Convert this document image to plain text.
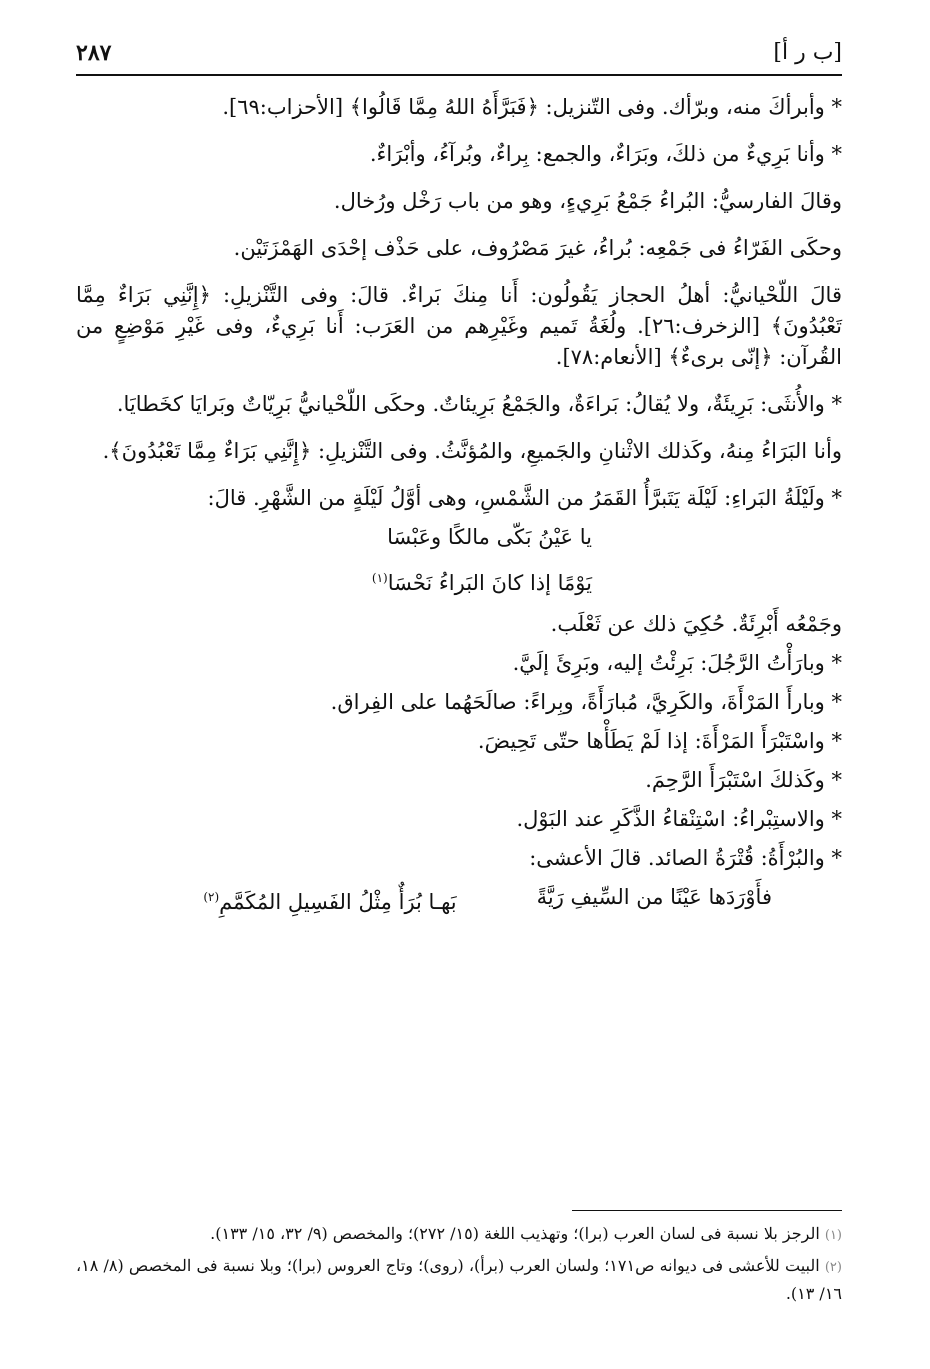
٢٨٧	[ب ر أ]

* وأبرأكَ منه، وبرّأك. وفى التّنزيل: ﴿فَبَرَّأَهُ اللهُ مِمَّا قَالُوا﴾ [الأحزاب:٦٩].

* وأنا بَرِيءٌ من ذلكَ، وبَرَاءٌ، والجمع: بِراءٌ، وبُرآءُ، وأبْرَاءٌ.

وقالَ الفارسيُّ: البُراءُ جَمْعُ بَرِيءٍ، وهو من باب رَخْل ورُخال.

وحكَى الفَرّاءُ فى جَمْعِه: بُراءُ، غيرَ مَصْرُوف، على حَذْف إحْدَى الهَمْزَتَيْن.

قالَ اللّحْيانيُّ: أهلُ الحجاز يَقُولُون: أَنا مِنكَ بَراءٌ. قالَ: وفى التَّنْزيلِ: ﴿إِنَّنِي بَرَاءٌ مِمَّا تَعْبُدُونَ﴾ [الزخرف:٢٦]. ولُغَةُ تَميم وغَيْرِهم من العَرَب: أَنا بَرِيءٌ، وفى غَيْرِ مَوْضِعٍ من القُرآن: ﴿إنّى برىءٌ﴾ [الأنعام:٧٨].

* والأُنثَى: بَرِيئَةٌ، ولا يُقالُ: بَراءَةٌ، والجَمْعُ بَرِيئاتٌ. وحكَى اللّحْيانيُّ بَرِيّاتٌ وبَرايَا كخَطايَا.

وأنا البَرَاءُ مِنهُ، وكَذلك الاثْنانِ والجَميعِ، والمُؤنَّثُ. وفى التَّنْزيلِ: ﴿إِنَّنِي بَرَاءٌ مِمَّا تَعْبُدُونَ﴾.

* ولَيْلَةُ البَراءِ: لَيْلَة يَتَبرَّأُ القَمَرُ من الشَّمْسِ، وهى أوَّلُ لَيْلَةٍ من الشَّهْرِ. قالَ:

يا عَيْنُ بَكّى مالكًا وعَبْسَا
يَوْمًا إذا كانَ البَراءُ نَحْسَا$^{(١)}$

وجَمْعُه أَبْرِئَةٌ. حُكِيَ ذلك عن ثَعْلَب.

* وبارَأْتُ الرَّجُلَ: بَرِئْتُ إليه، وبَرِئَ إلَيَّ.

* وبارأَ المَرْأَةَ، والكَرِيَّ، مُبارَأَةً، وبِراءً: صالَحَهُما على الفِراق.

* واسْتَبْرَأَ المَرْأَةَ: إذا لَمْ يَطَأْها حتّى تَحِيضَ.

* وكَذلكَ اسْتَبْرَأَ الرَّحِمَ.

* والاستِبْراءُ: اسْتِنْقاءُ الذَّكَرِ عند البَوْل.

* والبُرْأَةُ: قُتْرَةُ الصائد. قالَ الأعشى:

فأَوْرَدَها عَيْنًا من السِّيفِ رَيَّةً
بَهـا بُرَأٌ مِثْلُ الفَسِيلِ المُكَمَّمِ$^{(٢)}$

(١) الرجز بلا نسبة فى لسان العرب (برا)؛ وتهذيب اللغة (١٥/ ٢٧٢)؛ والمخصص (٩/ ٣٢، ١٥/ ١٣٣).

(٢) البيت للأعشى فى ديوانه ص١٧١؛ ولسان العرب (برأ)، (روى)؛ وتاج العروس (برا)؛ وبلا نسبة فى المخصص (٨/ ١٨، ١٦/ ١٣).
